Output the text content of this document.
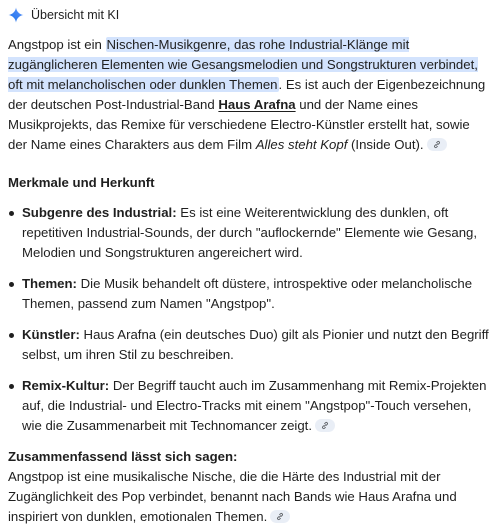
Übersicht mit KI

Angstpop ist ein Nischen-Musikgenre, das rohe Industrial-Klänge mit zugänglicheren Elementen wie Gesangsmelodien und Songstrukturen verbindet, oft mit melancholischen oder dunklen Themen. Es ist auch der Eigenbezeichnung der deutschen Post-Industrial-Band Haus Arafna und der Name eines Musikprojekts, das Remixe für verschiedene Electro-Künstler erstellt hat, sowie der Name eines Charakters aus dem Film Alles steht Kopf (Inside Out).

Merkmale und Herkunft

Subgenre des Industrial: Es ist eine Weiterentwicklung des dunklen, oft repetitiven Industrial-Sounds, der durch "auflockernde" Elemente wie Gesang, Melodien und Songstrukturen angereichert wird.
Themen: Die Musik behandelt oft düstere, introspektive oder melancholische Themen, passend zum Namen "Angstpop".
Künstler: Haus Arafna (ein deutsches Duo) gilt als Pionier und nutzt den Begriff selbst, um ihren Stil zu beschreiben.
Remix-Kultur: Der Begriff taucht auch im Zusammenhang mit Remix-Projekten auf, die Industrial- und Electro-Tracks mit einem "Angstpop"-Touch versehen, wie die Zusammenarbeit mit Technomancer zeigt.

Zusammenfassend lässt sich sagen:

Angstpop ist eine musikalische Nische, die die Härte des Industrial mit der Zugänglichkeit des Pop verbindet, benannt nach Bands wie Haus Arafna und inspiriert von dunklen, emotionalen Themen.
